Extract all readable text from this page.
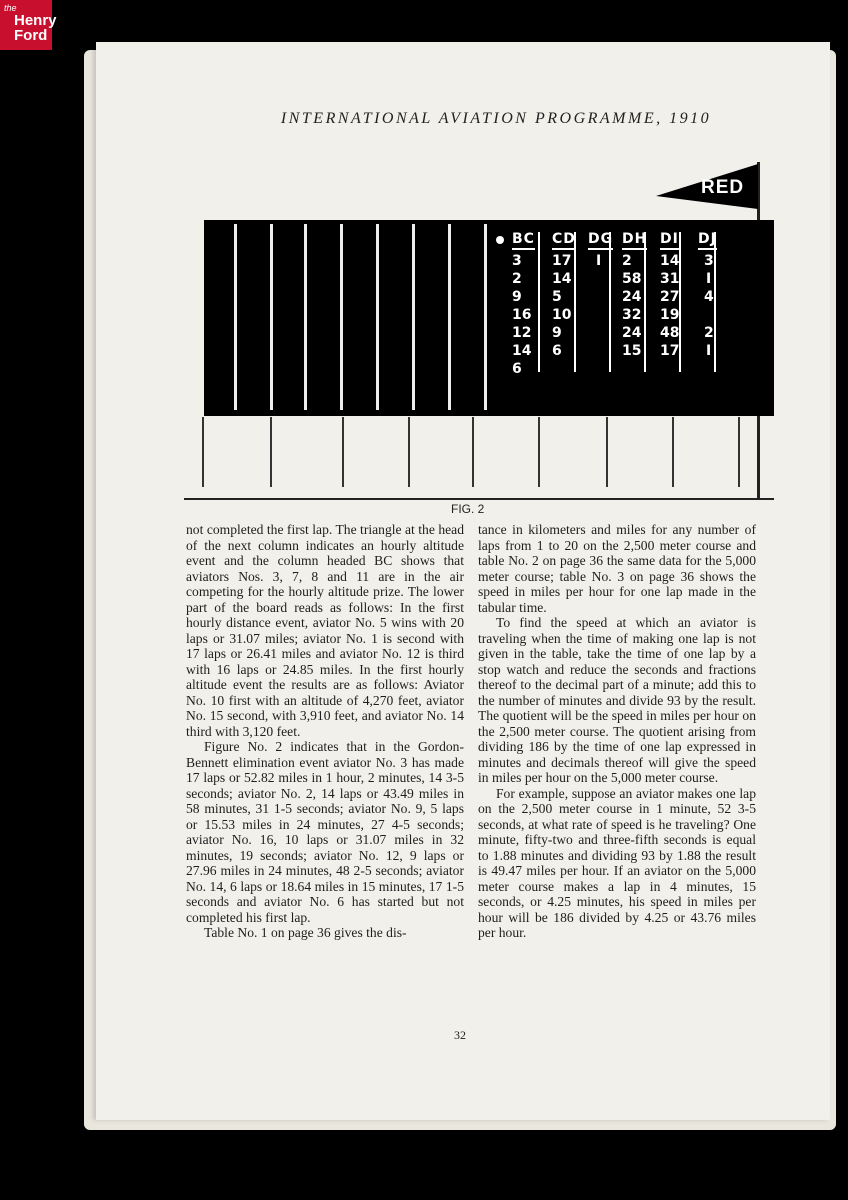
the
Henry
Ford
INTERNATIONAL AVIATION PROGRAMME, 1910
RED
BC
3
2
9
16
12
14
6
CD
17
14
5
10
9
6
DG
I
DH
2
58
24
32
24
15
DI
14
31
27
19
48
17
DJ
3
I
4

2
I
FIG. 2

not completed the first lap. The triangle at the head of the next column indicates an hourly altitude event and the column headed BC shows that aviators Nos. 3, 7, 8 and 11 are in the air competing for the hourly altitude prize. The lower part of the board reads as follows: In the first hourly distance event, aviator No. 5 wins with 20 laps or 31.07 miles; aviator No. 1 is second with 17 laps or 26.41 miles and aviator No. 12 is third with 16 laps or 24.85 miles. In the first hourly altitude event the results are as follows: Aviator No. 10 first with an altitude of 4,270 feet, aviator No. 15 second, with 3,910 feet, and aviator No. 14 third with 3,120 feet.

Figure No. 2 indicates that in the Gordon-Bennett elimination event aviator No. 3 has made 17 laps or 52.82 miles in 1 hour, 2 minutes, 14 3-5 seconds; aviator No. 2, 14 laps or 43.49 miles in 58 minutes, 31 1-5 seconds; aviator No. 9, 5 laps or 15.53 miles in 24 minutes, 27 4-5 seconds; aviator No. 16, 10 laps or 31.07 miles in 32 minutes, 19 seconds; aviator No. 12, 9 laps or 27.96 miles in 24 minutes, 48 2-5 seconds; aviator No. 14, 6 laps or 18.64 miles in 15 minutes, 17 1-5 seconds and aviator No. 6 has started but not completed his first lap.

Table No. 1 on page 36 gives the dis-

tance in kilometers and miles for any number of laps from 1 to 20 on the 2,500 meter course and table No. 2 on page 36 the same data for the 5,000 meter course; table No. 3 on page 36 shows the speed in miles per hour for one lap made in the tabular time.

To find the speed at which an aviator is traveling when the time of making one lap is not given in the table, take the time of one lap by a stop watch and reduce the seconds and fractions thereof to the decimal part of a minute; add this to the number of minutes and divide 93 by the result. The quotient will be the speed in miles per hour on the 2,500 meter course. The quotient arising from dividing 186 by the time of one lap expressed in minutes and decimals thereof will give the speed in miles per hour on the 5,000 meter course.

For example, suppose an aviator makes one lap on the 2,500 meter course in 1 minute, 52 3-5 seconds, at what rate of speed is he traveling? One minute, fifty-two and three-fifth seconds is equal to 1.88 minutes and dividing 93 by 1.88 the result is 49.47 miles per hour. If an aviator on the 5,000 meter course makes a lap in 4 minutes, 15 seconds, or 4.25 minutes, his speed in miles per hour will be 186 divided by 4.25 or 43.76 miles per hour.

32
